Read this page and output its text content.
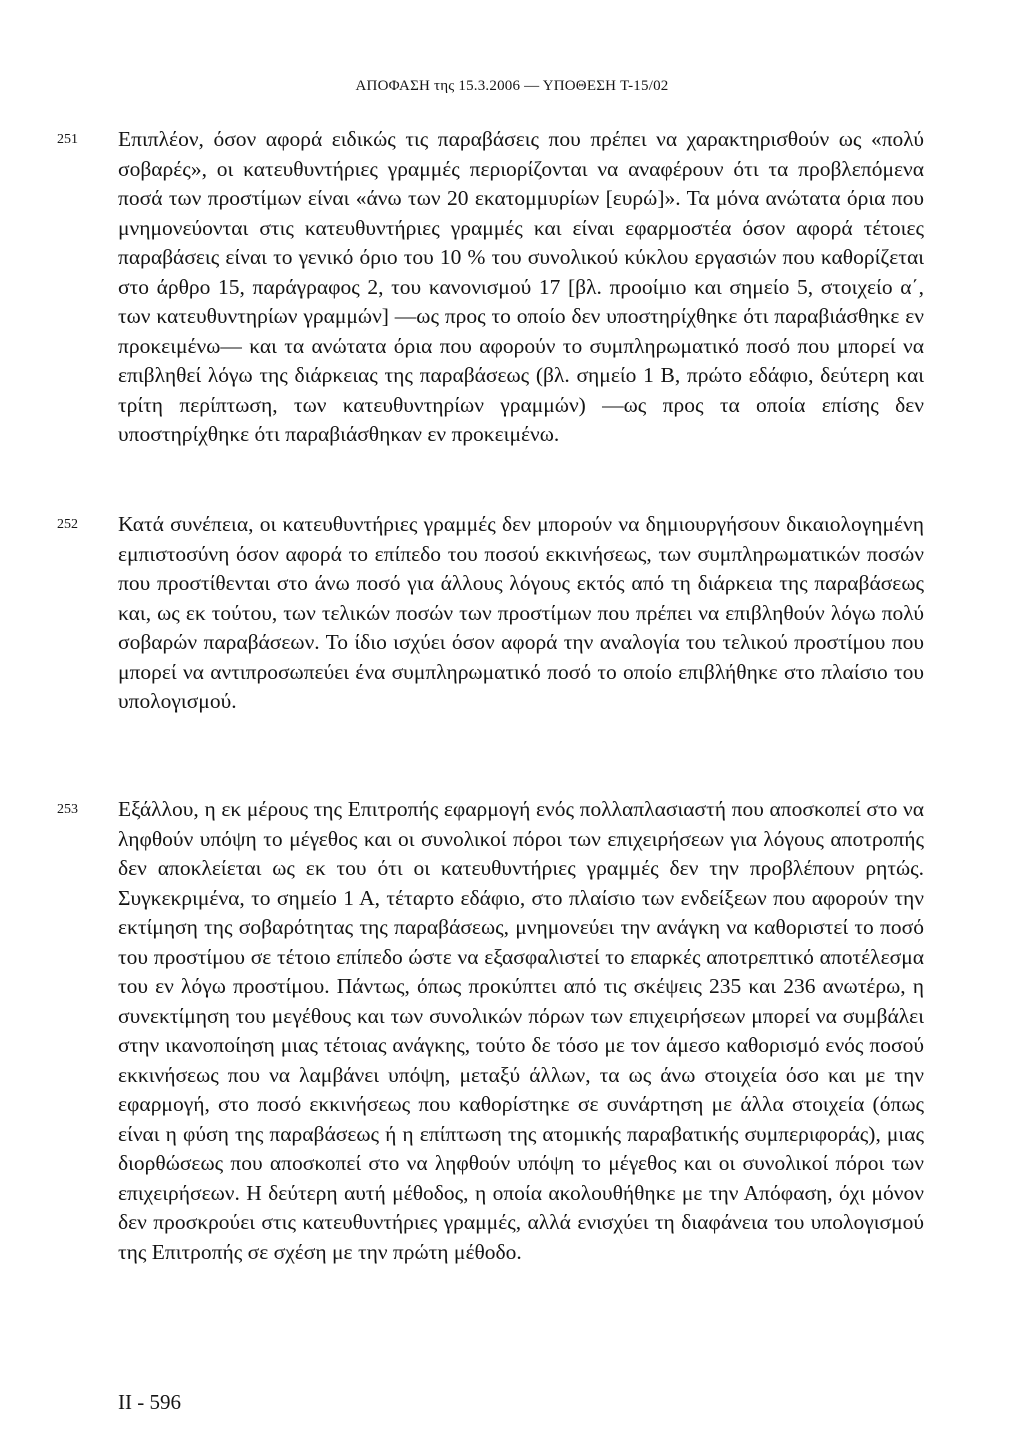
ΑΠΟΦΑΣΗ της 15.3.2006 — ΥΠΟΘΕΣΗ T-15/02
251 Επιπλέον, όσον αφορά ειδικώς τις παραβάσεις που πρέπει να χαρακτηρισθούν ως «πολύ σοβαρές», οι κατευθυντήριες γραμμές περιορίζονται να αναφέρουν ότι τα προβλεπόμενα ποσά των προστίμων είναι «άνω των 20 εκατομμυρίων [ευρώ]». Τα μόνα ανώτατα όρια που μνημονεύονται στις κατευθυντήριες γραμμές και είναι εφαρμοστέα όσον αφορά τέτοιες παραβάσεις είναι το γενικό όριο του 10 % του συνολικού κύκλου εργασιών που καθορίζεται στο άρθρο 15, παράγραφος 2, του κανονισμού 17 [βλ. προοίμιο και σημείο 5, στοιχείο α΄, των κατευθυντηρίων γραμμών] —ως προς το οποίο δεν υποστηρίχθηκε ότι παραβιάσθηκε εν προκειμένω— και τα ανώτατα όρια που αφορούν το συμπληρωματικό ποσό που μπορεί να επιβληθεί λόγω της διάρκειας της παραβάσεως (βλ. σημείο 1 Β, πρώτο εδάφιο, δεύτερη και τρίτη περίπτωση, των κατευθυντηρίων γραμμών) —ως προς τα οποία επίσης δεν υποστηρίχθηκε ότι παραβιάσθηκαν εν προκειμένω.
252 Κατά συνέπεια, οι κατευθυντήριες γραμμές δεν μπορούν να δημιουργήσουν δικαιολογημένη εμπιστοσύνη όσον αφορά το επίπεδο του ποσού εκκινήσεως, των συμπληρωματικών ποσών που προστίθενται στο άνω ποσό για άλλους λόγους εκτός από τη διάρκεια της παραβάσεως και, ως εκ τούτου, των τελικών ποσών των προστίμων που πρέπει να επιβληθούν λόγω πολύ σοβαρών παραβάσεων. Το ίδιο ισχύει όσον αφορά την αναλογία του τελικού προστίμου που μπορεί να αντιπροσωπεύει ένα συμπληρωματικό ποσό το οποίο επιβλήθηκε στο πλαίσιο του υπολογισμού.
253 Εξάλλου, η εκ μέρους της Επιτροπής εφαρμογή ενός πολλαπλασιαστή που αποσκοπεί στο να ληφθούν υπόψη το μέγεθος και οι συνολικοί πόροι των επιχειρήσεων για λόγους αποτροπής δεν αποκλείεται ως εκ του ότι οι κατευθυντήριες γραμμές δεν την προβλέπουν ρητώς. Συγκεκριμένα, το σημείο 1 Α, τέταρτο εδάφιο, στο πλαίσιο των ενδείξεων που αφορούν την εκτίμηση της σοβαρότητας της παραβάσεως, μνημονεύει την ανάγκη να καθοριστεί το ποσό του προστίμου σε τέτοιο επίπεδο ώστε να εξασφαλιστεί το επαρκές αποτρεπτικό αποτέλεσμα του εν λόγω προστίμου. Πάντως, όπως προκύπτει από τις σκέψεις 235 και 236 ανωτέρω, η συνεκτίμηση του μεγέθους και των συνολικών πόρων των επιχειρήσεων μπορεί να συμβάλει στην ικανοποίηση μιας τέτοιας ανάγκης, τούτο δε τόσο με τον άμεσο καθορισμό ενός ποσού εκκινήσεως που να λαμβάνει υπόψη, μεταξύ άλλων, τα ως άνω στοιχεία όσο και με την εφαρμογή, στο ποσό εκκινήσεως που καθορίστηκε σε συνάρτηση με άλλα στοιχεία (όπως είναι η φύση της παραβάσεως ή η επίπτωση της ατομικής παραβατικής συμπεριφοράς), μιας διορθώσεως που αποσκοπεί στο να ληφθούν υπόψη το μέγεθος και οι συνολικοί πόροι των επιχειρήσεων. Η δεύτερη αυτή μέθοδος, η οποία ακολουθήθηκε με την Απόφαση, όχι μόνον δεν προσκρούει στις κατευθυντήριες γραμμές, αλλά ενισχύει τη διαφάνεια του υπολογισμού της Επιτροπής σε σχέση με την πρώτη μέθοδο.
II - 596
